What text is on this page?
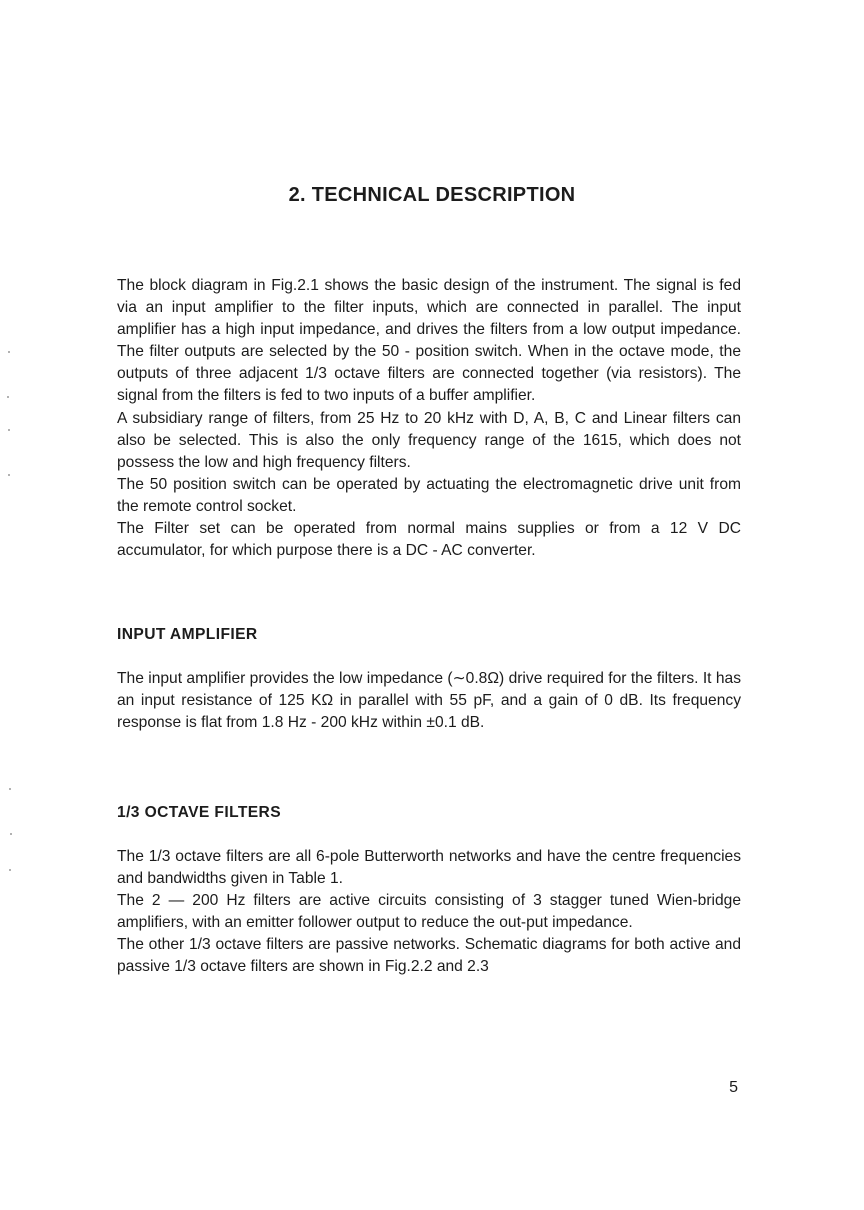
2. TECHNICAL DESCRIPTION

The block diagram in Fig.2.1 shows the basic design of the instrument. The signal is fed via an input amplifier to the filter inputs, which are connected in parallel. The input amplifier has a high input impedance, and drives the filters from a low output impedance. The filter outputs are selected by the 50 - position switch. When in the octave mode, the outputs of three adjacent 1/3 octave filters are connected together (via resistors). The signal from the filters is fed to two inputs of a buffer amplifier.

A subsidiary range of filters, from 25 Hz to 20 kHz with D, A, B, C and Linear filters can also be selected. This is also the only frequency range of the 1615, which does not possess the low and high frequency filters.

The 50 position switch can be operated by actuating the electromagnetic drive unit from the remote control socket.

The Filter set can be operated from normal mains supplies or from a 12 V DC accumulator, for which purpose there is a DC - AC converter.

INPUT AMPLIFIER

The input amplifier provides the low impedance (∼0.8Ω) drive required for the filters. It has an input resistance of 125 KΩ in parallel with 55 pF, and a gain of 0 dB. Its frequency response is flat from 1.8 Hz - 200 kHz within ±0.1 dB.

1/3 OCTAVE FILTERS

The 1/3 octave filters are all 6-pole Butterworth networks and have the centre frequencies and bandwidths given in Table 1.

The 2 — 200 Hz filters are active circuits consisting of 3 stagger tuned Wien-bridge amplifiers, with an emitter follower output to reduce the out-put impedance.

The other 1/3 octave filters are passive networks. Schematic diagrams for both active and passive 1/3 octave filters are shown in Fig.2.2 and 2.3

5
